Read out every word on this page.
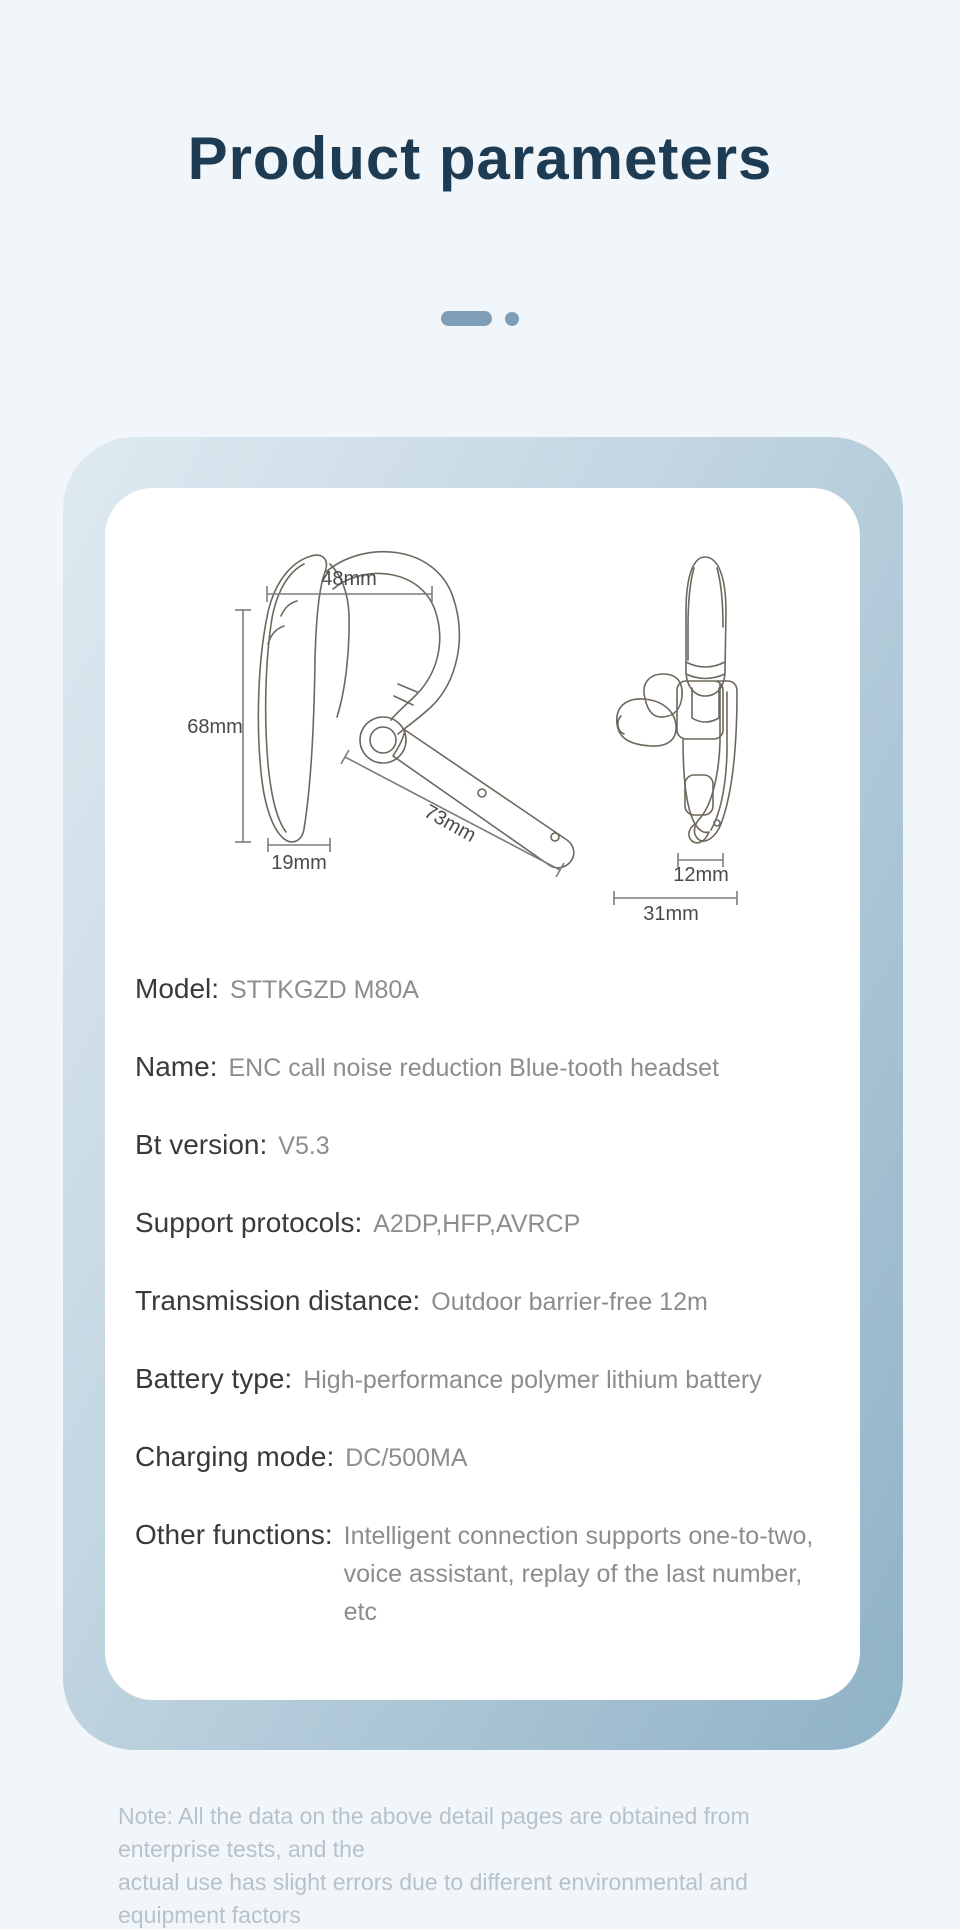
Product parameters
48mm
68mm
19mm
73mm
12mm
31mm
Model: STTKGZD M80A
Name: ENC call noise reduction Blue-tooth headset
Bt version: V5.3
Support protocols: A2DP,HFP,AVRCP
Transmission distance: Outdoor barrier-free 12m
Battery type: High-performance polymer lithium battery
Charging mode: DC/500MA
Other functions: Intelligent connection supports one-to-two, voice assistant, replay of the last number, etc

Note: All the data on the above detail pages are obtained from enterprise tests, and the
actual use has slight errors due to different environmental and equipment factors
